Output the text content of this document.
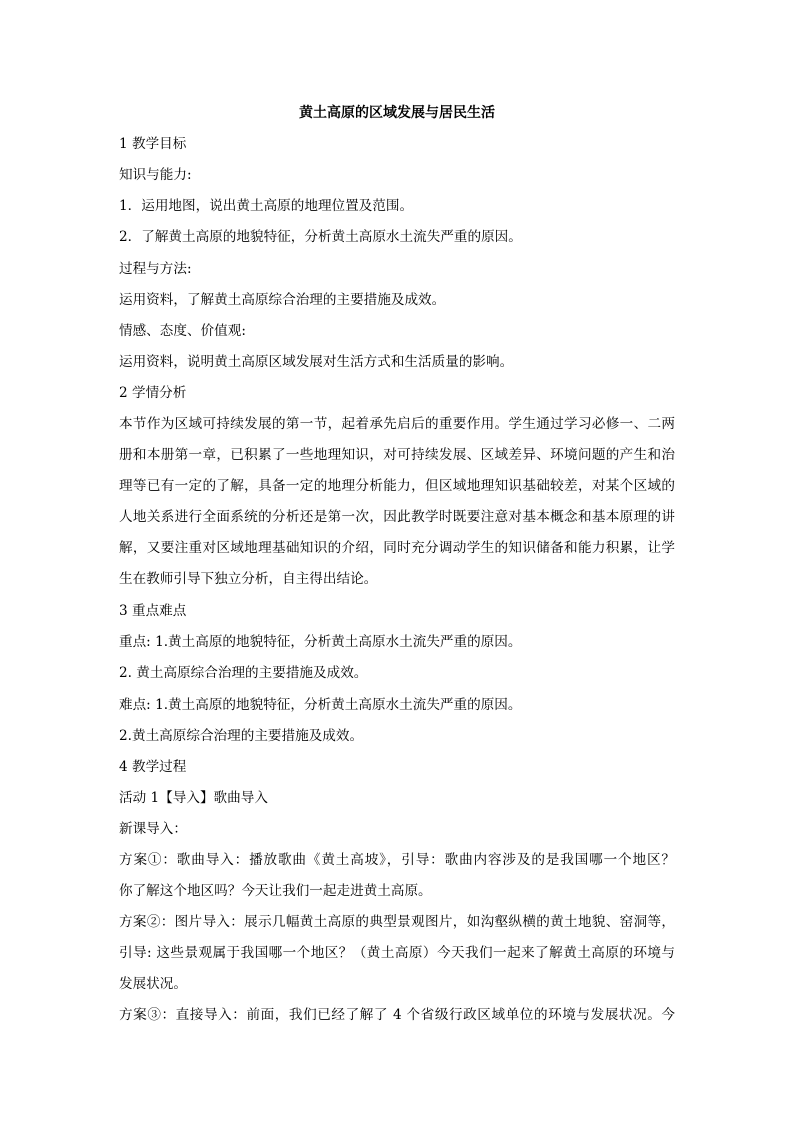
黄土高原的区域发展与居民生活
1 教学目标
知识与能力:
1．运用地图，说出黄土高原的地理位置及范围。
2．了解黄土高原的地貌特征，分析黄土高原水土流失严重的原因。
过程与方法:
运用资料，了解黄土高原综合治理的主要措施及成效。
情感、态度、价值观:
运用资料，说明黄土高原区域发展对生活方式和生活质量的影响。
2 学情分析
本节作为区域可持续发展的第一节，起着承先启后的重要作用。学生通过学习必修一、二两
册和本册第一章，已积累了一些地理知识，对可持续发展、区域差异、环境问题的产生和治
理等已有一定的了解，具备一定的地理分析能力，但区域地理知识基础较差，对某个区域的
人地关系进行全面系统的分析还是第一次，因此教学时既要注意对基本概念和基本原理的讲
解，又要注重对区域地理基础知识的介绍，同时充分调动学生的知识储备和能力积累，让学
生在教师引导下独立分析，自主得出结论。
3 重点难点
重点: 1.黄土高原的地貌特征，分析黄土高原水土流失严重的原因。
2. 黄土高原综合治理的主要措施及成效。
难点: 1.黄土高原的地貌特征，分析黄土高原水土流失严重的原因。
2.黄土高原综合治理的主要措施及成效。
4 教学过程
活动 1【导入】歌曲导入
新课导入：
方案①：歌曲导入：播放歌曲《黄土高坡》，引导：歌曲内容涉及的是我国哪一个地区？
你了解这个地区吗？今天让我们一起走进黄土高原。
方案②：图片导入：展示几幅黄土高原的典型景观图片，如沟壑纵横的黄土地貌、窑洞等，
引导: 这些景观属于我国哪一个地区？（黄土高原）今天我们一起来了解黄土高原的环境与
发展状况。
方案③：直接导入：前面，我们已经了解了 4 个省级行政区域单位的环境与发展状况。今
